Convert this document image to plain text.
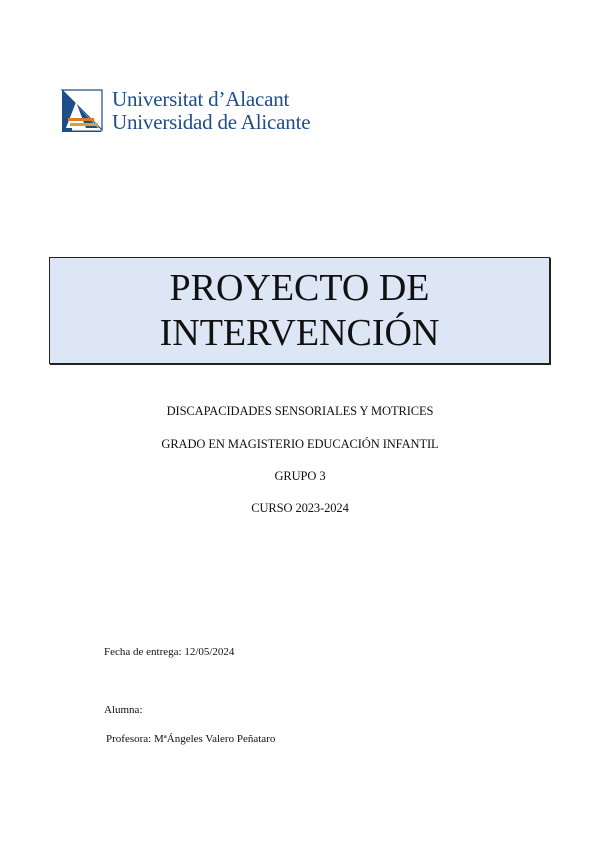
Universitat d’Alacant
Universidad de Alicante
PROYECTO DE
INTERVENCIÓN
DISCAPACIDADES SENSORIALES Y MOTRICES
GRADO EN MAGISTERIO EDUCACIÓN INFANTIL
GRUPO 3
CURSO 2023-2024
Fecha de entrega: 12/05/2024
Alumna:
Profesora: MªÁngeles Valero Peñataro
